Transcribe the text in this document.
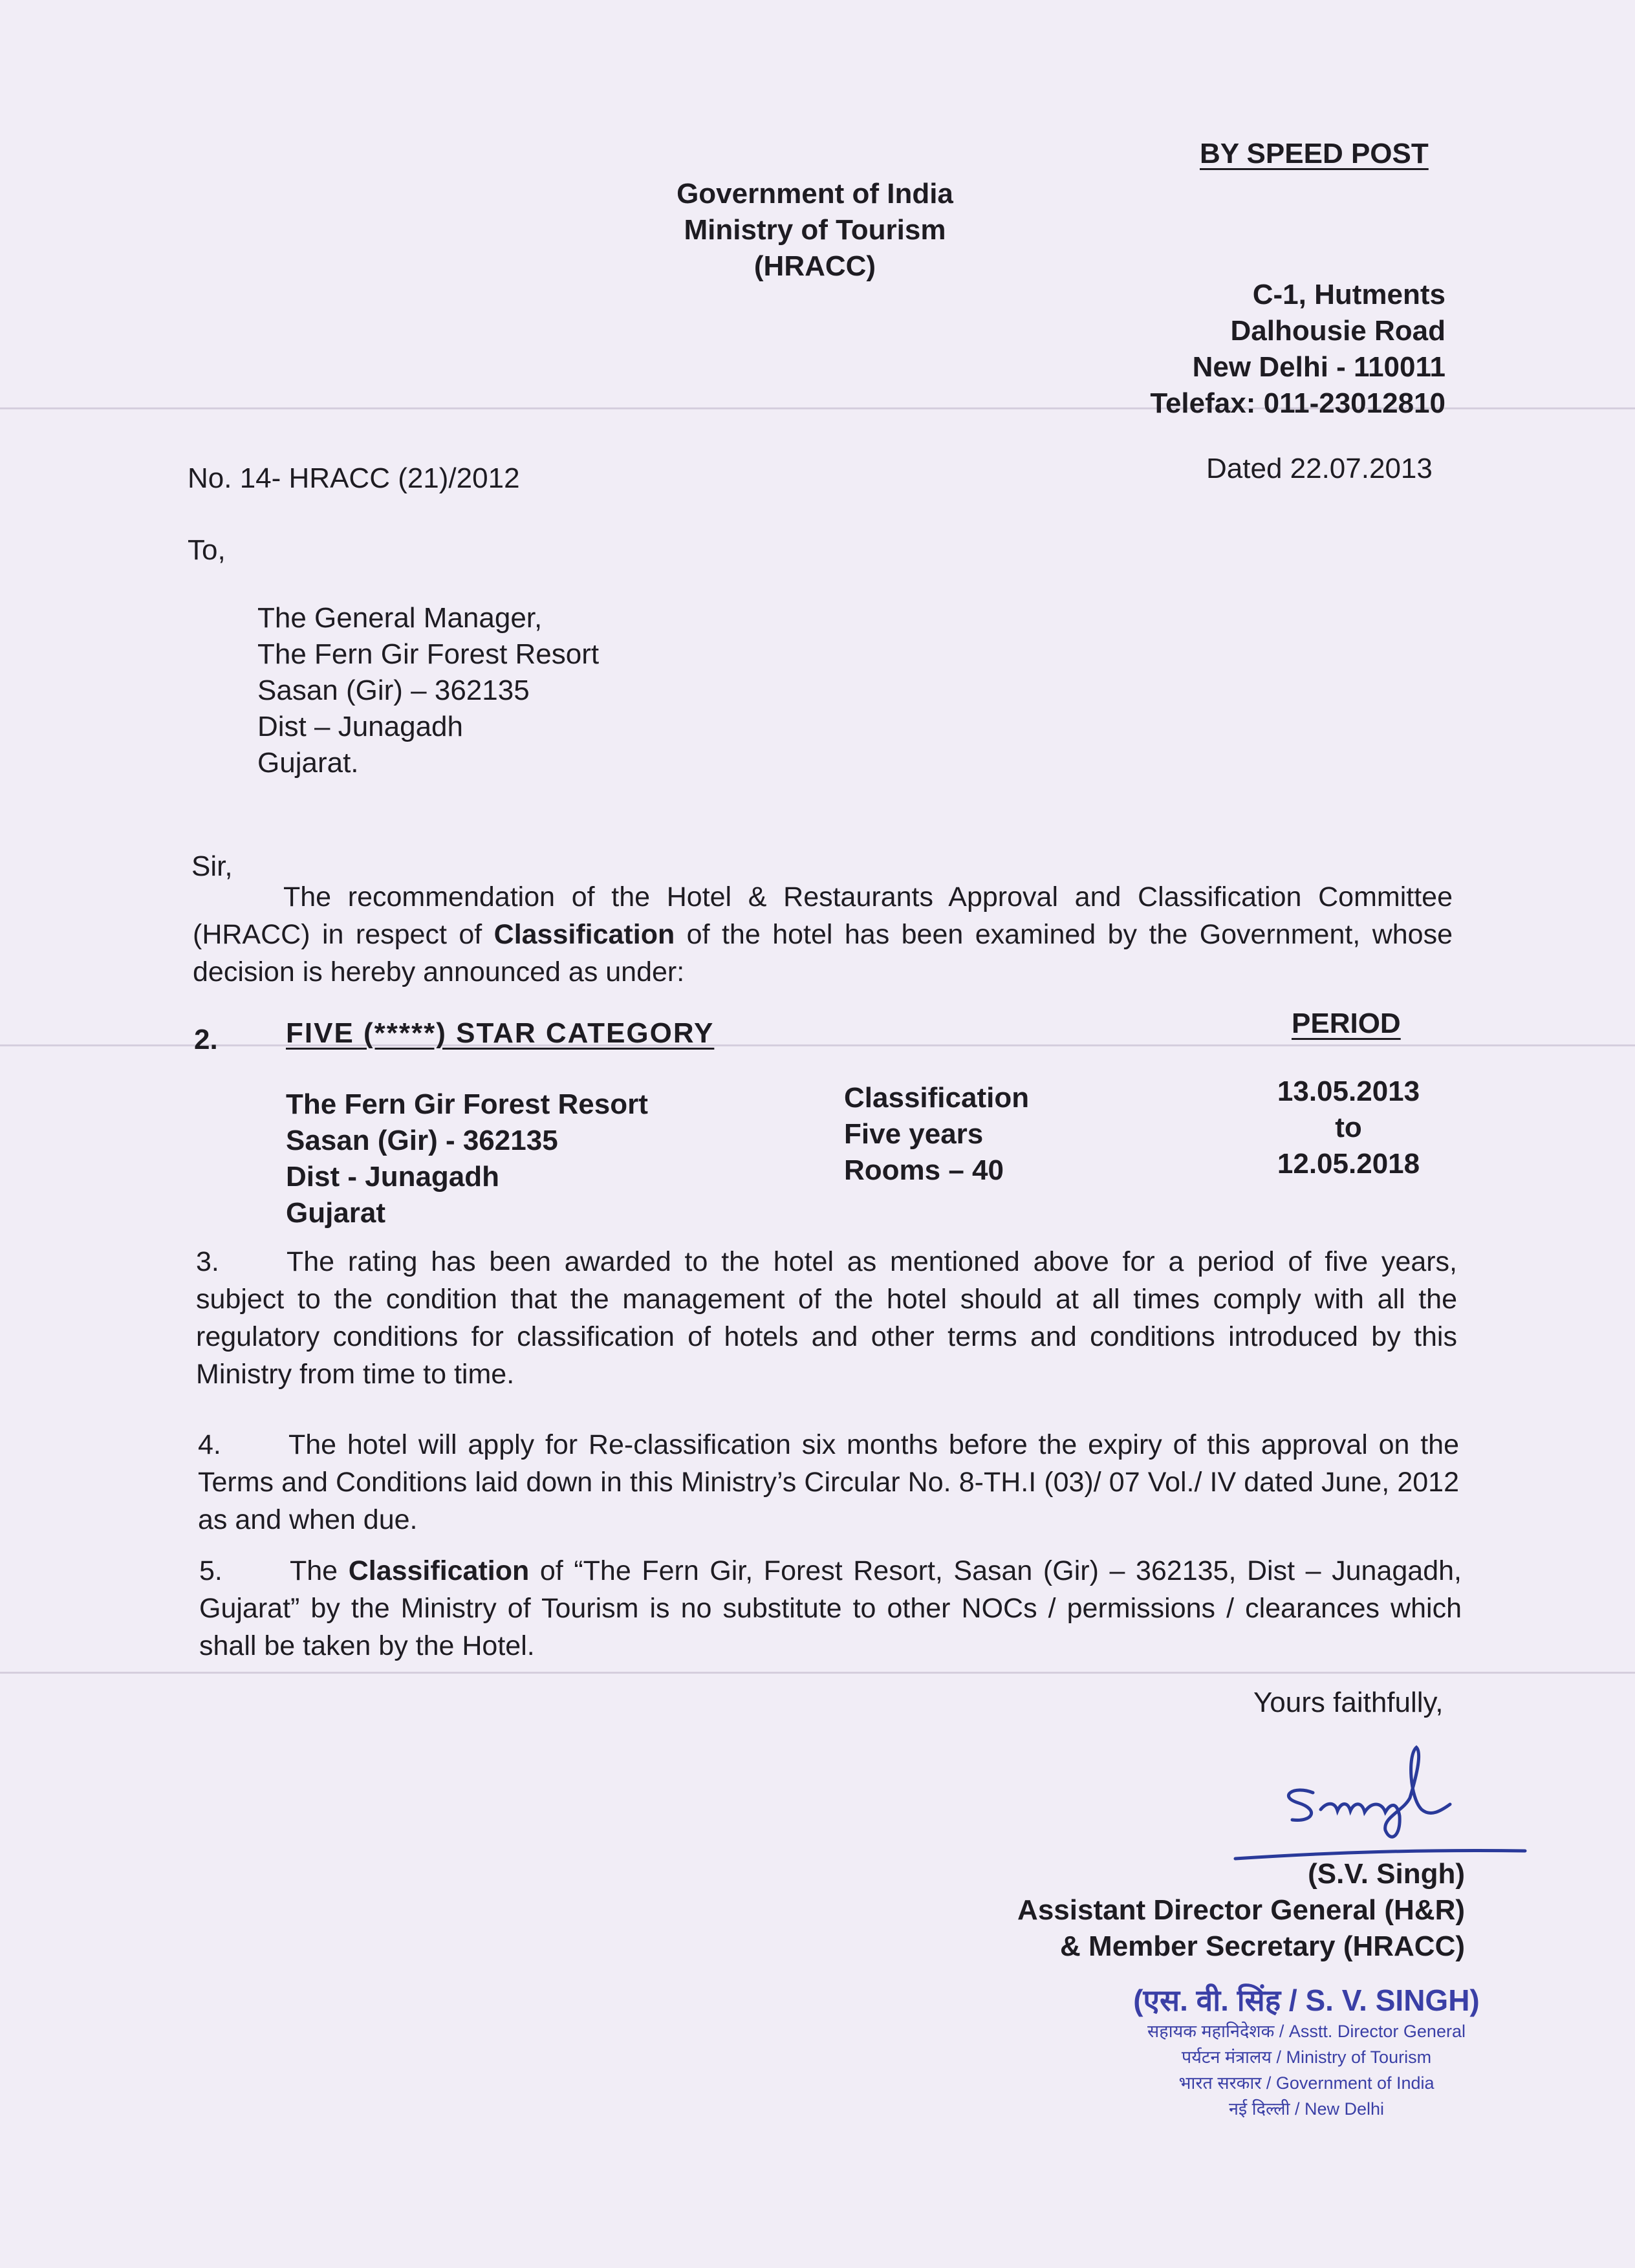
BY SPEED POST
Government of India
Ministry of Tourism
(HRACC)
C-1, Hutments
Dalhousie Road
New Delhi - 110011
Telefax: 011-23012810
No. 14- HRACC (21)/2012	Dated 22.07.2013
To,
The General Manager,
The Fern Gir Forest Resort
Sasan (Gir) – 362135
Dist – Junagadh
Gujarat.
Sir,
The recommendation of the Hotel & Restaurants Approval and Classification Committee (HRACC) in respect of Classification of the hotel has been examined by the Government, whose decision is hereby announced as under:
2. FIVE (*****) STAR CATEGORY	PERIOD
The Fern Gir Forest Resort
Sasan (Gir) - 362135
Dist - Junagadh
Gujarat
Classification
Five years
Rooms – 40
13.05.2013
to
12.05.2018
3. The rating has been awarded to the hotel as mentioned above for a period of five years, subject to the condition that the management of the hotel should at all times comply with all the regulatory conditions for classification of hotels and other terms and conditions introduced by this Ministry from time to time.
4. The hotel will apply for Re-classification six months before the expiry of this approval on the Terms and Conditions laid down in this Ministry’s Circular No. 8-TH.I (03)/ 07 Vol./ IV dated June, 2012 as and when due.
5. The Classification of “The Fern Gir, Forest Resort, Sasan (Gir) – 362135, Dist – Junagadh, Gujarat” by the Ministry of Tourism is no substitute to other NOCs / permissions / clearances which shall be taken by the Hotel.
Yours faithfully,
(S.V. Singh)
Assistant Director General (H&R)
& Member Secretary (HRACC)
(एस. वी. सिंह / S. V. SINGH)
सहायक महानिदेशक / Asstt. Director General
पर्यटन मंत्रालय / Ministry of Tourism
भारत सरकार / Government of India
नई दिल्ली / New Delhi
